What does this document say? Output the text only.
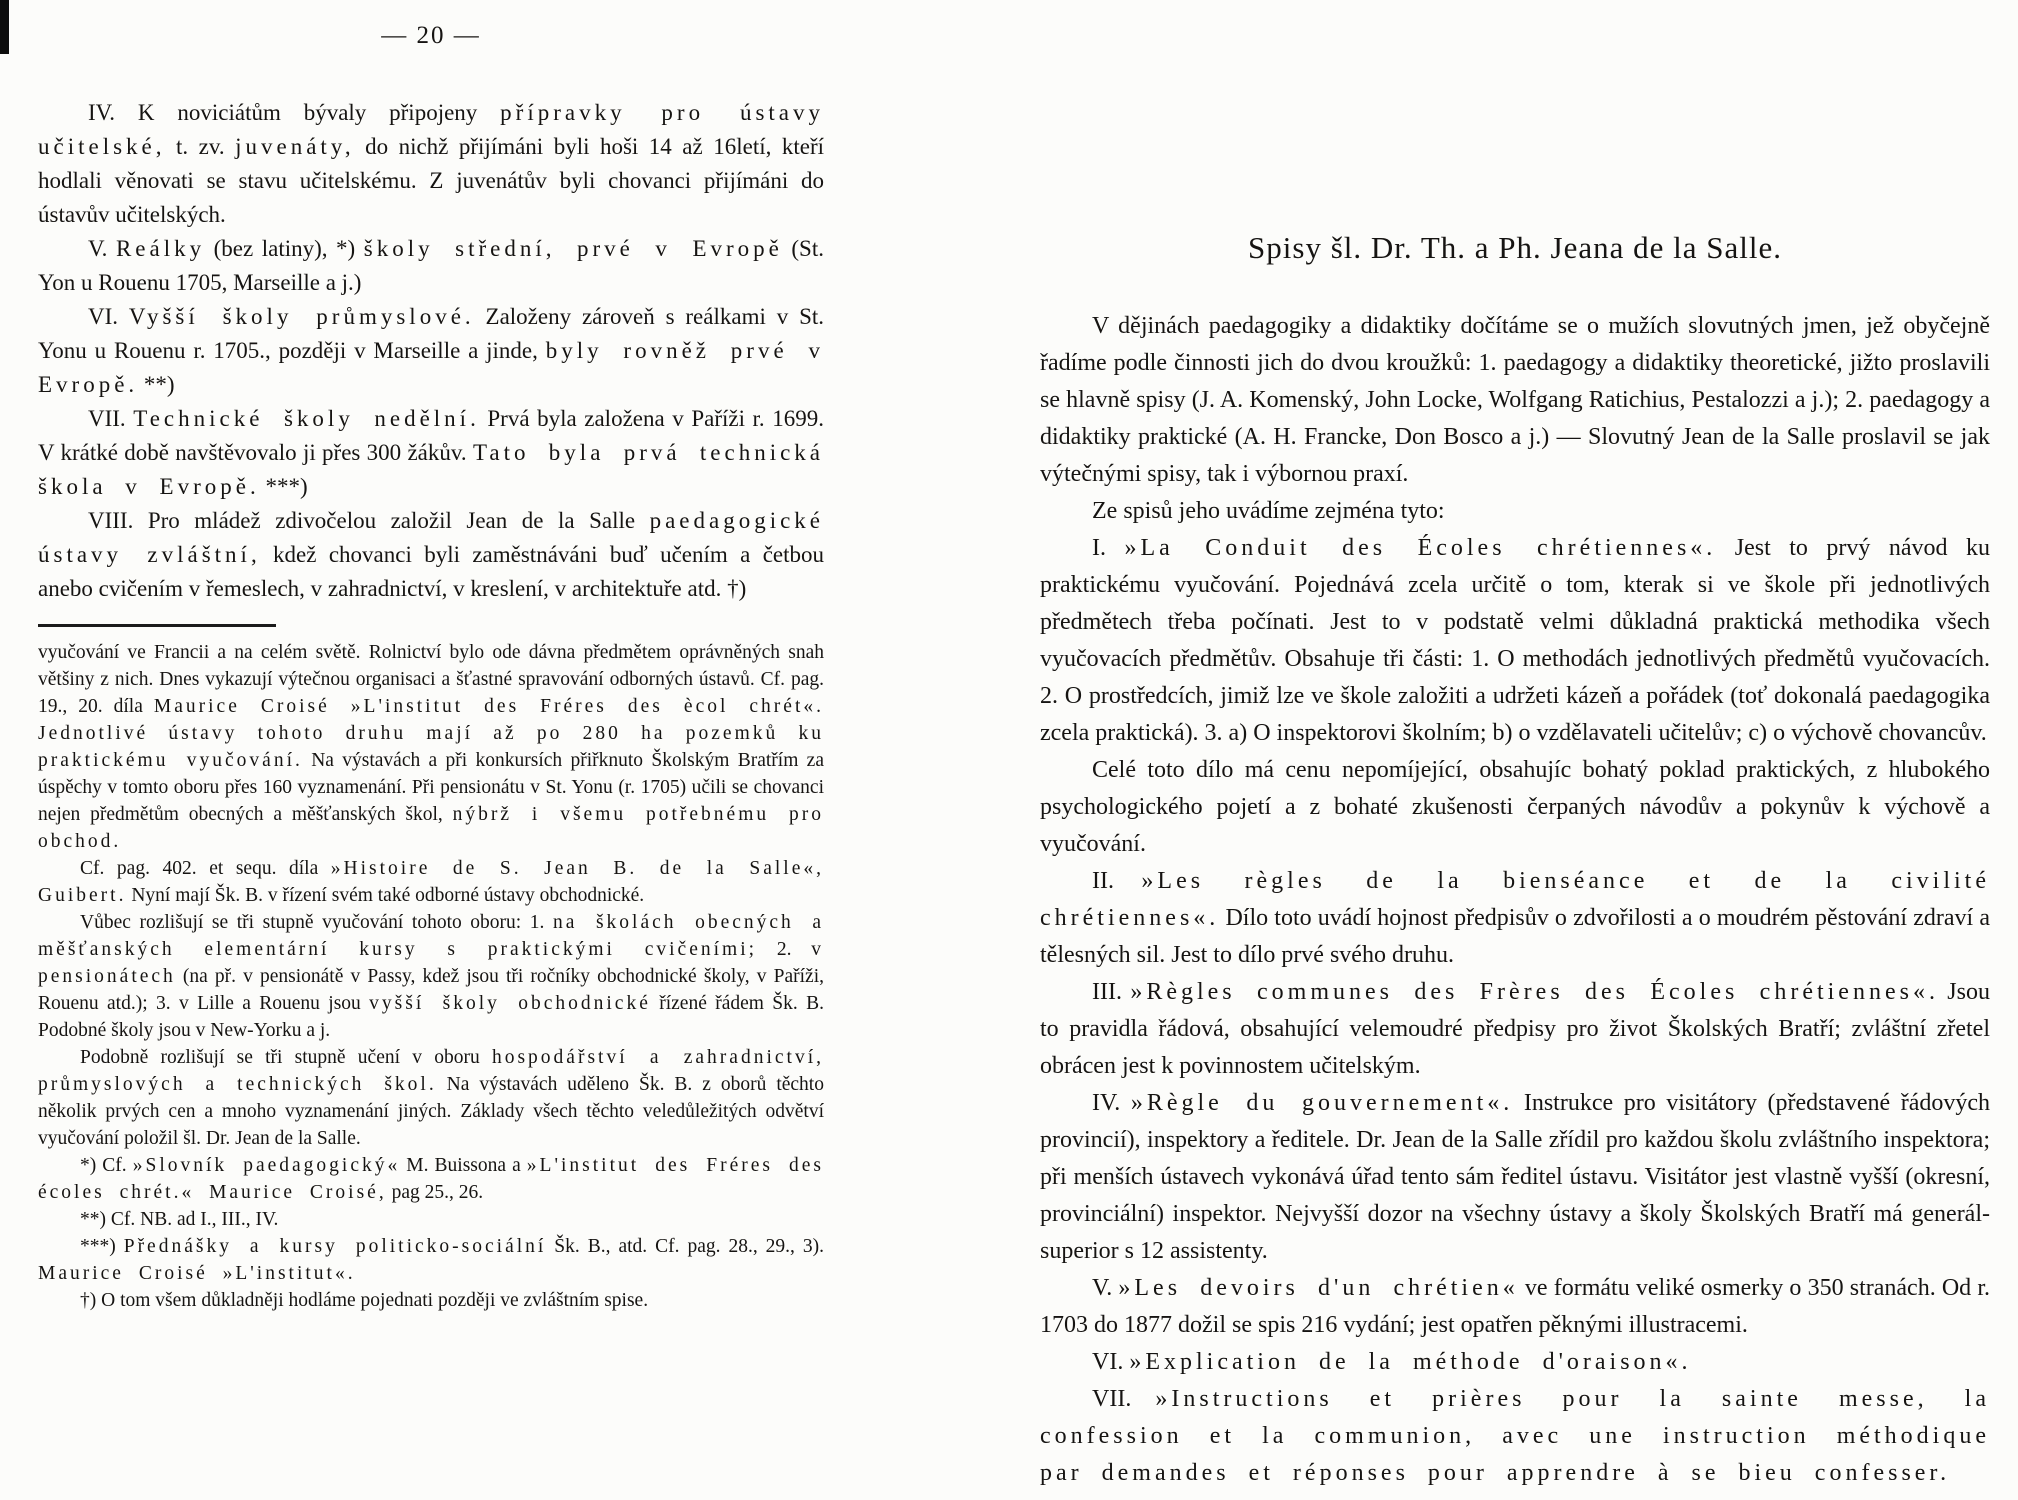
— 20 —

IV. K noviciátům bývaly připojeny přípravky pro ústavy učitelské, t. zv. juvenáty, do nichž přijímáni byli hoši 14 až 16letí, kteří hodlali věnovati se stavu učitelskému. Z juvenátův byli chovanci přijímáni do ústavův učitelských.

V. Reálky (bez latiny), *) školy střední, prvé v Evropě (St. Yon u Rouenu 1705, Marseille a j.)

VI. Vyšší školy průmyslové. Založeny zároveň s reálkami v St. Yonu u Rouenu r. 1705., později v Marseille a jinde, byly rovněž prvé v Evropě. **)

VII. Technické školy nedělní. Prvá byla založena v Paříži r. 1699. V krátké době navštěvovalo ji přes 300 žákův. Tato byla prvá technická škola v Evropě. ***)

VIII. Pro mládež zdivočelou založil Jean de la Salle paedagogické ústavy zvláštní, kdež chovanci byli zaměstnáváni buď učením a četbou anebo cvičením v řemeslech, v zahradnictví, v kreslení, v architektuře atd. †)

vyučování ve Francii a na celém světě. Rolnictví bylo ode dávna předmětem oprávněných snah většiny z nich. Dnes vykazují výtečnou organisaci a šťastné spravování odborných ústavů. Cf. pag. 19., 20. díla Maurice Croisé »L'institut des Fréres des ècol chrét«. Jednotlivé ústavy tohoto druhu mají až po 280 ha pozemků ku praktickému vyučování. Na výstavách a při konkursích přiřknuto Školským Bratřím za úspěchy v tomto oboru přes 160 vyznamenání. Při pensionátu v St. Yonu (r. 1705) učili se chovanci nejen předmětům obecných a měšťanských škol, nýbrž i všemu potřebnému pro obchod.

Cf. pag. 402. et sequ. díla »Histoire de S. Jean B. de la Salle«, Guibert. Nyní mají Šk. B. v řízení svém také odborné ústavy obchodnické.

Vůbec rozlišují se tři stupně vyučování tohoto oboru: 1. na školách obecných a měšťanských elementární kursy s praktickými cvičeními; 2. v pensionátech (na př. v pensionátě v Passy, kdež jsou tři ročníky obchodnické školy, v Paříži, Rouenu atd.); 3. v Lille a Rouenu jsou vyšší školy obchodnické řízené řádem Šk. B. Podobné školy jsou v New-Yorku a j.

Podobně rozlišují se tři stupně učení v oboru hospodářství a zahradnictví, průmyslových a technických škol. Na výstavách uděleno Šk. B. z oborů těchto několik prvých cen a mnoho vyznamenání jiných. Základy všech těchto veledůležitých odvětví vyučování položil šl. Dr. Jean de la Salle.

*) Cf. »Slovník paedagogický« M. Buissona a »L'institut des Fréres des écoles chrét.« Maurice Croisé, pag 25., 26.

**) Cf. NB. ad I., III., IV.

***) Přednášky a kursy politicko-sociální Šk. B., atd. Cf. pag. 28., 29., 3). Maurice Croisé »L'institut«.

†) O tom všem důkladněji hodláme pojednati později ve zvláštním spise.

Spisy šl. Dr. Th. a Ph. Jeana de la Salle.

V dějinách paedagogiky a didaktiky dočítáme se o mužích slovutných jmen, jež obyčejně řadíme podle činnosti jich do dvou kroužků: 1. paedagogy a didaktiky theoretické, jižto proslavili se hlavně spisy (J. A. Komenský, John Locke, Wolfgang Ratichius, Pestalozzi a j.); 2. paedagogy a didaktiky praktické (A. H. Francke, Don Bosco a j.) — Slovutný Jean de la Salle proslavil se jak výtečnými spisy, tak i výbornou praxí.

Ze spisů jeho uvádíme zejména tyto:

I. »La Conduit des Écoles chrétiennes«. Jest to prvý návod ku praktickému vyučování. Pojednává zcela určitě o tom, kterak si ve škole při jednotlivých předmětech třeba počínati. Jest to v podstatě velmi důkladná praktická methodika všech vyučovacích předmětův. Obsahuje tři části: 1. O methodách jednotlivých předmětů vyučovacích. 2. O prostředcích, jimiž lze ve škole založiti a udržeti kázeň a pořádek (toť dokonalá paedagogika zcela praktická). 3. a) O inspektorovi školním; b) o vzdělavateli učitelův; c) o výchově chovancův.

Celé toto dílo má cenu nepomíjející, obsahujíc bohatý poklad praktických, z hlubokého psychologického pojetí a z bohaté zkušenosti čerpaných návodův a pokynův k výchově a vyučování.

II. »Les règles de la bienséance et de la civilité chrétiennes«. Dílo toto uvádí hojnost předpisův o zdvořilosti a o moudrém pěstování zdraví a tělesných sil. Jest to dílo prvé svého druhu.

III. »Règles communes des Frères des Écoles chrétiennes«. Jsou to pravidla řádová, obsahující velemoudré předpisy pro život Školských Bratří; zvláštní zřetel obrácen jest k povinnostem učitelským.

IV. »Règle du gouvernement«. Instrukce pro visitátory (představené řádových provincií), inspektory a ředitele. Dr. Jean de la Salle zřídil pro každou školu zvláštního inspektora; při menších ústavech vykonává úřad tento sám ředitel ústavu. Visitátor jest vlastně vyšší (okresní, provinciální) inspektor. Nejvyšší dozor na všechny ústavy a školy Školských Bratří má generál-superior s 12 assistenty.

V. »Les devoirs d'un chrétien« ve formátu veliké osmerky o 350 stranách. Od r. 1703 do 1877 dožil se spis 216 vydání; jest opatřen pěknými illustracemi.

VI. »Explication de la méthode d'oraison«.

VII. »Instructions et prières pour la sainte messe, la confession et la communion, avec une instruction méthodique par demandes et réponses pour apprendre à se bieu confesser.
